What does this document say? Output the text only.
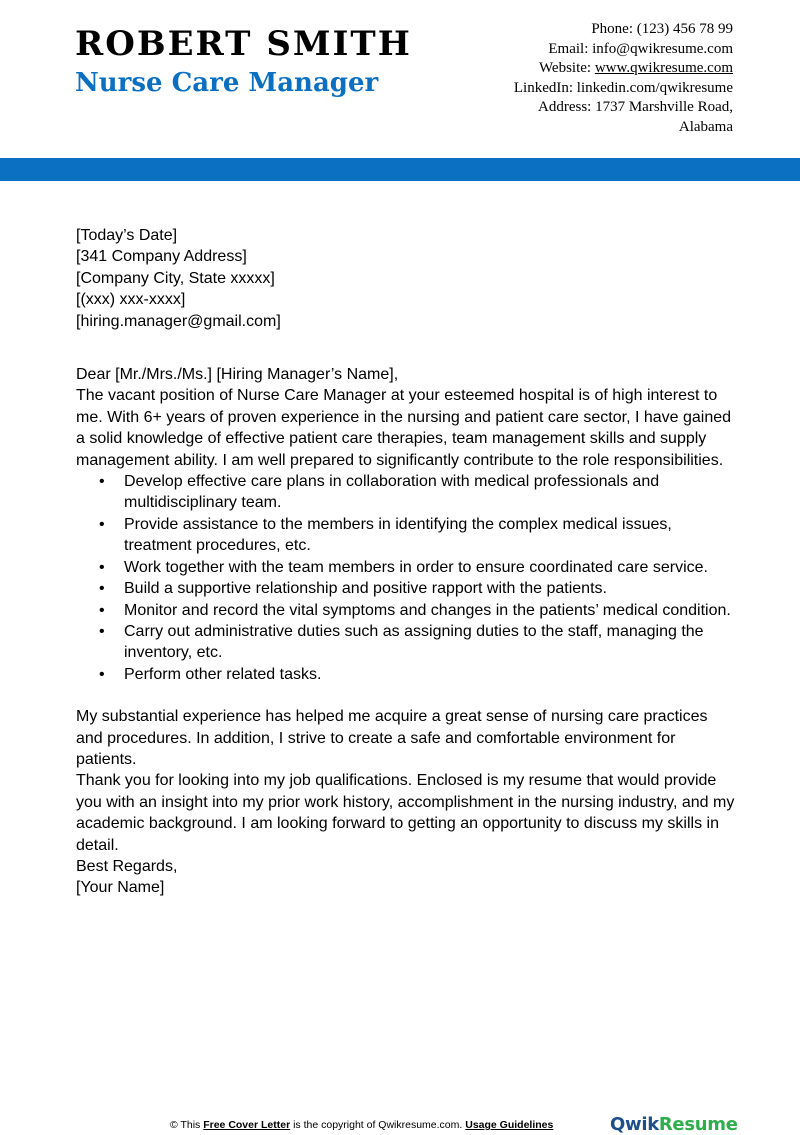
ROBERT SMITH
Nurse Care Manager
Phone: (123) 456 78 99
Email: info@qwikresume.com
Website: www.qwikresume.com
LinkedIn: linkedin.com/qwikresume
Address: 1737 Marshville Road,
Alabama

[Today’s Date]

[341 Company Address]

[Company City, State xxxxx]

[(xxx) xxx-xxxx]

[hiring.manager@gmail.com]

Dear [Mr./Mrs./Ms.] [Hiring Manager’s Name],

The vacant position of Nurse Care Manager at your esteemed hospital is of high interest to me. With 6+ years of proven experience in the nursing and patient care sector, I have gained a solid knowledge of effective patient care therapies, team management skills and supply management ability. I am well prepared to significantly contribute to the role responsibilities.

• Develop effective care plans in collaboration with medical professionals and multidisciplinary team.
• Provide assistance to the members in identifying the complex medical issues, treatment procedures, etc.
• Work together with the team members in order to ensure coordinated care service.
• Build a supportive relationship and positive rapport with the patients.
• Monitor and record the vital symptoms and changes in the patients’ medical condition.
• Carry out administrative duties such as assigning duties to the staff, managing the inventory, etc.
• Perform other related tasks.

My substantial experience has helped me acquire a great sense of nursing care practices and procedures. In addition, I strive to create a safe and comfortable environment for patients.

Thank you for looking into my job qualifications. Enclosed is my resume that would provide you with an insight into my prior work history, accomplishment in the nursing industry, and my academic background. I am looking forward to getting an opportunity to discuss my skills in detail.

Best Regards,

[Your Name]

© This Free Cover Letter is the copyright of Qwikresume.com. Usage Guidelines	QwikResume
